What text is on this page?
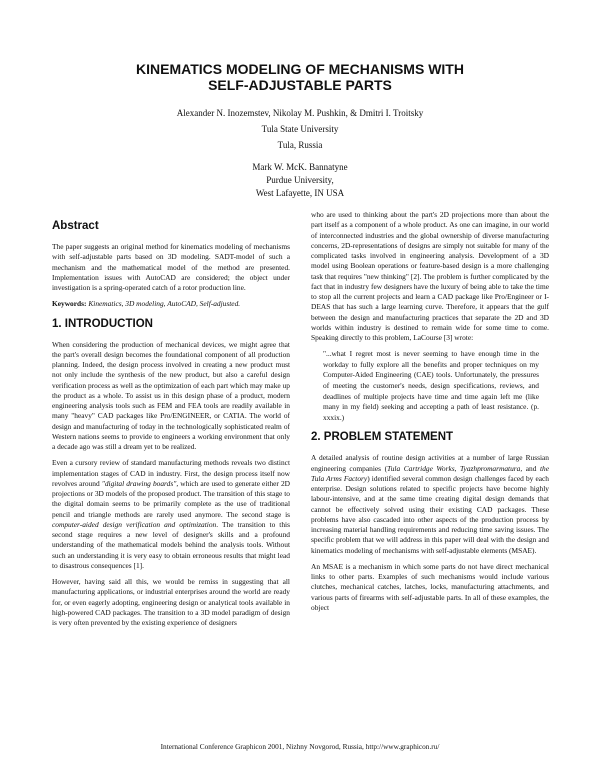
KINEMATICS MODELING OF MECHANISMS WITH
SELF-ADJUSTABLE PARTS
Alexander N. Inozemstev, Nikolay M. Pushkin, & Dmitri I. Troitsky
Tula State University
Tula, Russia
Mark W. McK. Bannatyne
Purdue University,
West Lafayette, IN USA
Abstract

The paper suggests an original method for kinematics modeling of mechanisms with self-adjustable parts based on 3D modeling. SADT-model of such a mechanism and the mathematical model of the method are presented. Implementation issues with AutoCAD are considered; the object under investigation is a spring-operated catch of a rotor production line.

Keywords: Kinematics, 3D modeling, AutoCAD, Self-adjusted.

1. INTRODUCTION

When considering the production of mechanical devices, we might agree that the part's overall design becomes the foundational component of all production planning. Indeed, the design process involved in creating a new product must not only include the synthesis of the new product, but also a careful design verification process as well as the optimization of each part which may make up the product as a whole. To assist us in this design phase of a product, modern engineering analysis tools such as FEM and FEA tools are readily available in many "heavy" CAD packages like Pro/ENGINEER, or CATIA. The world of design and manufacturing of today in the technologically sophisticated realm of Western nations seems to provide to engineers a working environment that only a decade ago was still a dream yet to be realized.

Even a cursory review of standard manufacturing methods reveals two distinct implementation stages of CAD in industry. First, the design process itself now revolves around "digital drawing boards", which are used to generate either 2D projections or 3D models of the proposed product. The transition of this stage to the digital domain seems to be primarily complete as the use of traditional pencil and triangle methods are rarely used anymore. The second stage is computer-aided design verification and optimization. The transition to this second stage requires a new level of designer's skills and a profound understanding of the mathematical models behind the analysis tools. Without such an understanding it is very easy to obtain erroneous results that might lead to disastrous consequences [1].

However, having said all this, we would be remiss in suggesting that all manufacturing applications, or industrial enterprises around the world are ready for, or even eagerly adopting, engineering design or analytical tools available in high-powered CAD packages. The transition to a 3D model paradigm of design is very often prevented by the existing experience of designers

who are used to thinking about the part's 2D projections more than about the part itself as a component of a whole product. As one can imagine, in our world of interconnected industries and the global ownership of diverse manufacturing concerns, 2D-representations of designs are simply not suitable for many of the complicated tasks involved in engineering analysis. Development of a 3D model using Boolean operations or feature-based design is a more challenging task that requires "new thinking" [2]. The problem is further complicated by the fact that in industry few designers have the luxury of being able to take the time to stop all the current projects and learn a CAD package like Pro/Engineer or I-DEAS that has such a large learning curve. Therefore, it appears that the gulf between the design and manufacturing practices that separate the 2D and 3D worlds within industry is destined to remain wide for some time to come. Speaking directly to this problem, LaCourse [3] wrote:

"...what I regret most is never seeming to have enough time in the workday to fully explore all the benefits and proper techniques on my Computer-Aided Engineering (CAE) tools. Unfortunately, the pressures of meeting the customer's needs, design specifications, reviews, and deadlines of multiple projects have time and time again left me (like many in my field) seeking and accepting a path of least resistance. (p. xxxix.)

2. PROBLEM STATEMENT

A detailed analysis of routine design activities at a number of large Russian engineering companies (Tula Cartridge Works, Tyazhpromarmatura, and the Tula Arms Factory) identified several common design challenges faced by each enterprise. Design solutions related to specific projects have become highly labour-intensive, and at the same time creating digital design demands that cannot be effectively solved using their existing CAD packages. These problems have also cascaded into other aspects of the production process by increasing material handling requirements and reducing time saving issues. The specific problem that we will address in this paper will deal with the design and kinematics modeling of mechanisms with self-adjustable elements (MSAE).

An MSAE is a mechanism in which some parts do not have direct mechanical links to other parts. Examples of such mechanisms would include various clutches, mechanical catches, latches, locks, manufacturing attachments, and various parts of firearms with self-adjustable parts. In all of these examples, the object

International Conference Graphicon 2001, Nizhny Novgorod, Russia, http://www.graphicon.ru/
